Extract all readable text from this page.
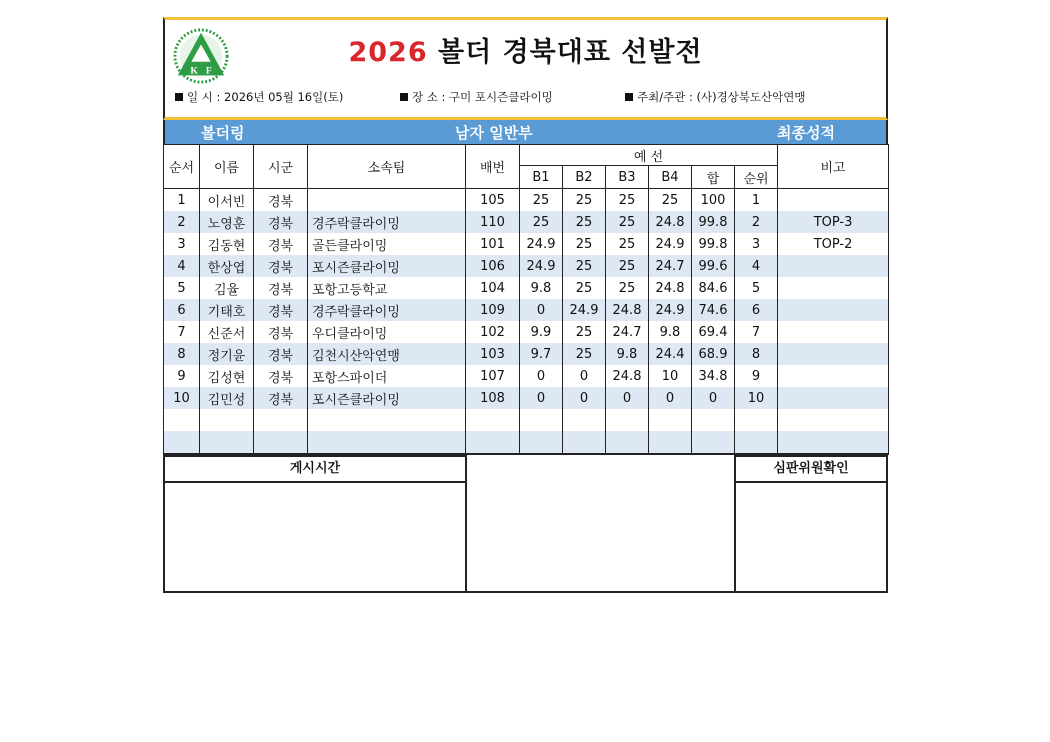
K F
2026 볼더 경북대표 선발전
일 시 : 2026년 05월 16일(토)	장 소 : 구미 포시즌클라이밍	주최/주관 : (사)경상북도산악연맹
볼더링	남자 일반부	최종성적
순서	이름	시군	소속팀	배번	예 선						비고
					B1	B2	B3	B4	합	순위	
1	이서빈	경북		105	25	25	25	25	100	1	
2	노영훈	경북	경주락클라이밍	110	25	25	25	24.8	99.8	2	TOP-3
3	김동현	경북	골든클라이밍	101	24.9	25	25	24.9	99.8	3	TOP-2
4	한상엽	경북	포시즌클라이밍	106	24.9	25	25	24.7	99.6	4	
5	김율	경북	포항고등학교	104	9.8	25	25	24.8	84.6	5	
6	기태호	경북	경주락클라이밍	109	0	24.9	24.8	24.9	74.6	6	
7	신준서	경북	우디클라이밍	102	9.9	25	24.7	9.8	69.4	7	
8	정기윤	경북	김천시산악연맹	103	9.7	25	9.8	24.4	68.9	8	
9	김성현	경북	포항스파이더	107	0	0	24.8	10	34.8	9	
10	김민성	경북	포시즌클라이밍	108	0	0	0	0	0	10	

게시시간	심판위원확인
